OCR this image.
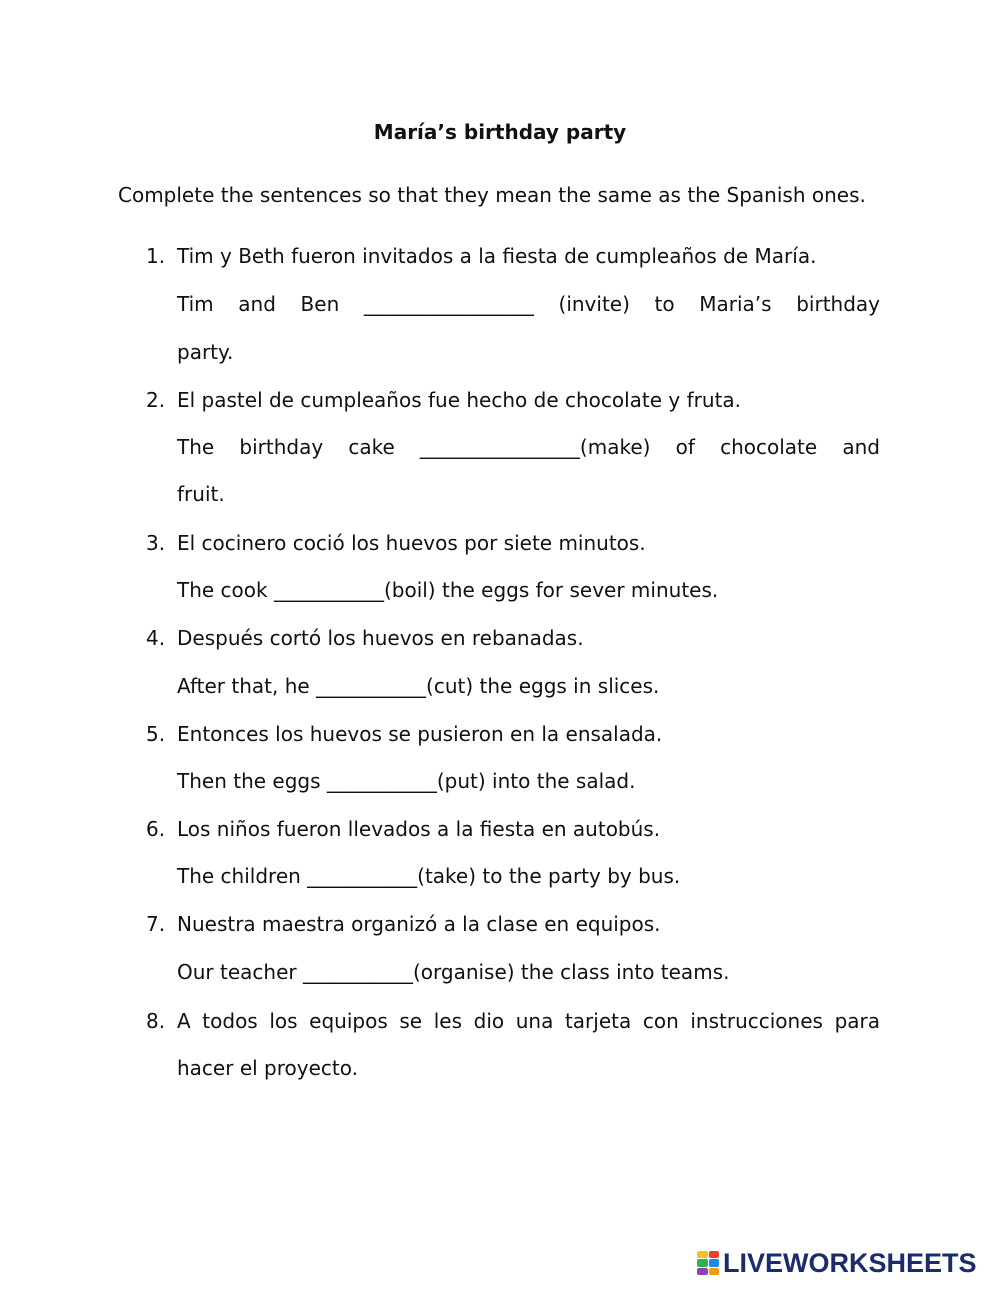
María’s birthday party
Complete the sentences so that they mean the same as the Spanish ones.
1. Tim y Beth fueron invitados a la fiesta de cumpleaños de María.
Tim and Ben _________________ (invite) to Maria’s birthday
party.
2. El pastel de cumpleaños fue hecho de chocolate y fruta.
The birthday cake ________________(make) of chocolate and
fruit.
3. El cocinero coció los huevos por siete minutos.
The cook ___________(boil) the eggs for sever minutes.
4. Después cortó los huevos en rebanadas.
After that, he ___________(cut) the eggs in slices.
5. Entonces los huevos se pusieron en la ensalada.
Then the eggs ___________(put) into the salad.
6. Los niños fueron llevados a la fiesta en autobús.
The children ___________(take) to the party by bus.
7. Nuestra maestra organizó a la clase en equipos.
Our teacher ___________(organise) the class into teams.
8. A todos los equipos se les dio una tarjeta con instrucciones para
hacer el proyecto.
LIVEWORKSHEETS
